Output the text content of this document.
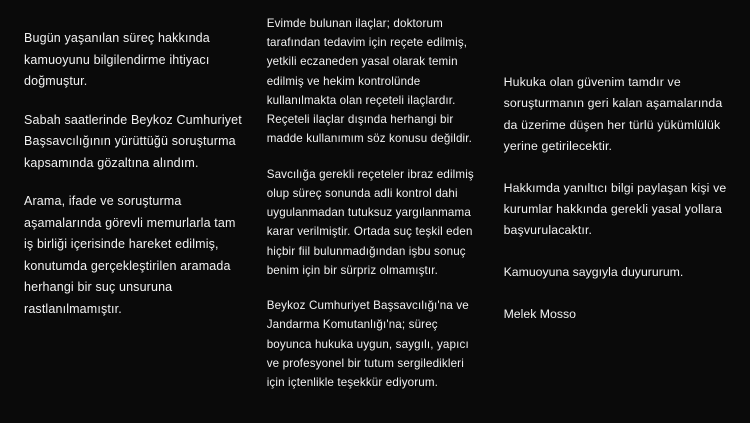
Bugün yaşanılan süreç hakkında kamuoyunu bilgilendirme ihtiyacı doğmuştur.

Sabah saatlerinde Beykoz Cumhuriyet Başsavcılığının yürüttüğü soruşturma kapsamında gözaltına alındım.

Arama, ifade ve soruşturma aşamalarında görevli memurlarla tam iş birliği içerisinde hareket edilmiş, konutumda gerçekleştirilen aramada herhangi bir suç unsuruna rastlanılmamıştır.

Evimde bulunan ilaçlar; doktorum tarafından tedavim için reçete edilmiş, yetkili eczaneden yasal olarak temin edilmiş ve hekim kontrolünde kullanılmakta olan reçeteli ilaçlardır. Reçeteli ilaçlar dışında herhangi bir madde kullanımım söz konusu değildir.

Savcılığa gerekli reçeteler ibraz edilmiş olup süreç sonunda adli kontrol dahi uygulanmadan tutuksuz yargılanmama karar verilmiştir. Ortada suç teşkil eden hiçbir fiil bulunmadığından işbu sonuç benim için bir sürpriz olmamıştır.

Beykoz Cumhuriyet Başsavcılığı'na ve Jandarma Komutanlığı'na; süreç boyunca hukuka uygun, saygılı, yapıcı ve profesyonel bir tutum sergiledikleri için içtenlikle teşekkür ediyorum.

Hukuka olan güvenim tamdır ve soruşturmanın geri kalan aşamalarında da üzerime düşen her türlü yükümlülük yerine getirilecektir.

Hakkımda yanıltıcı bilgi paylaşan kişi ve kurumlar hakkında gerekli yasal yollara başvurulacaktır.

Kamuoyuna saygıyla duyururum.

Melek Mosso
